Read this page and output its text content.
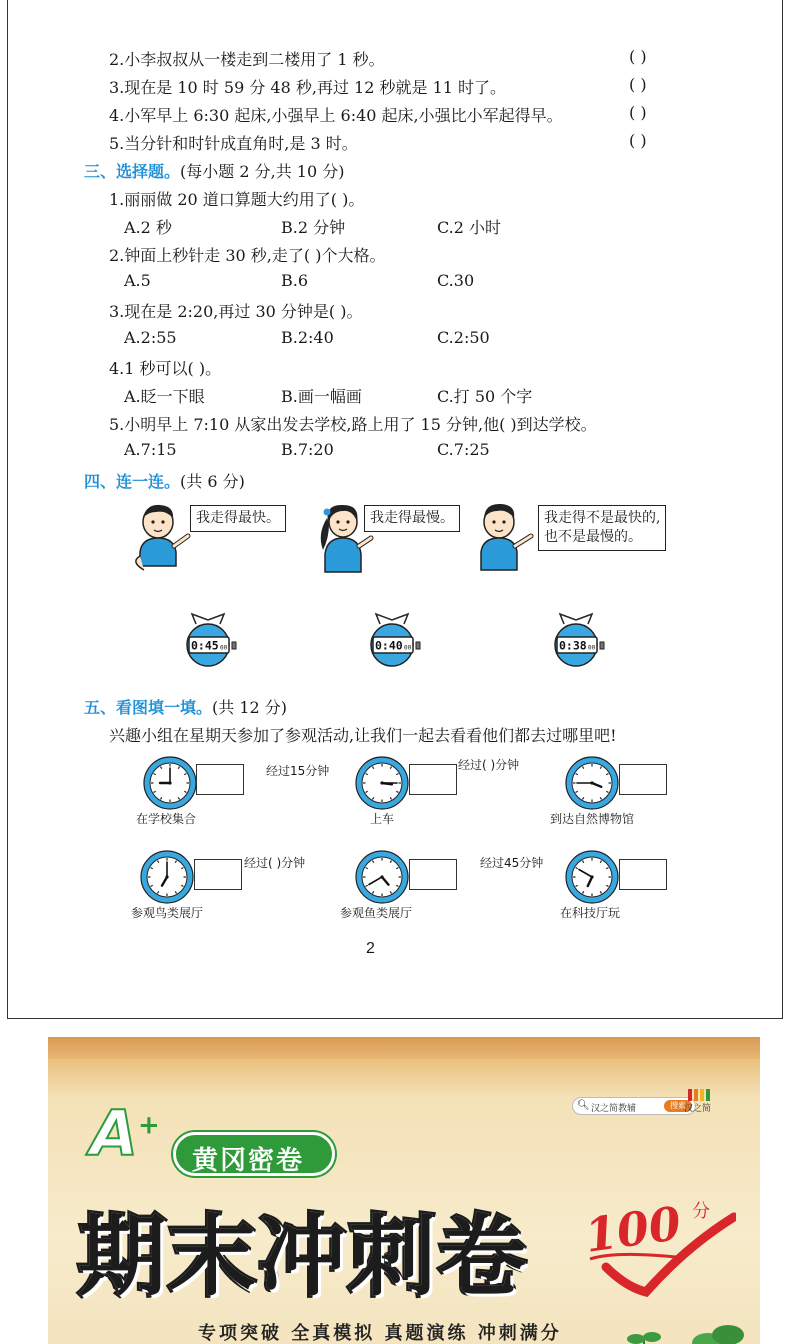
2.小李叔叔从一楼走到二楼用了 1 秒。	( )
3.现在是 10 时 59 分 48 秒,再过 12 秒就是 11 时了。	( )
4.小军早上 6:30 起床,小强早上 6:40 起床,小强比小军起得早。	( )
5.当分针和时针成直角时,是 3 时。	( )
三、选择题。(每小题 2 分,共 10 分)
1.丽丽做 20 道口算题大约用了( )。
A.2 秒	B.2 分钟	C.2 小时
2.钟面上秒针走 30 秒,走了( )个大格。
A.5	B.6	C.30
3.现在是 2:20,再过 30 分钟是( )。
A.2:55	B.2:40	C.2:50
4.1 秒可以( )。
A.眨一下眼	B.画一幅画	C.打 50 个字
5.小明早上 7:10 从家出发去学校,路上用了 15 分钟,他( )到达学校。
A.7:15	B.7:20	C.7:25
四、连一连。(共 6 分)
我走得最快。	我走得最慢。	我走得不是最快的,
也不是最慢的。
0:45 00	0:40 00	0:38 00
五、看图填一填。(共 12 分)
兴趣小组在星期天参加了参观活动,让我们一起去看看他们都去过哪里吧!
经过15分钟
在学校集合
经过( )分钟
上车	到达自然博物馆
经过( )分钟
参观鸟类展厅
经过45分钟
参观鱼类展厅	在科技厅玩
2
🔍︎ 汉之简教辅	搜索
汉之简
A+
黄冈密卷
期末冲刺卷 100 分
专项突破 全真模拟 真题演练 冲刺满分
